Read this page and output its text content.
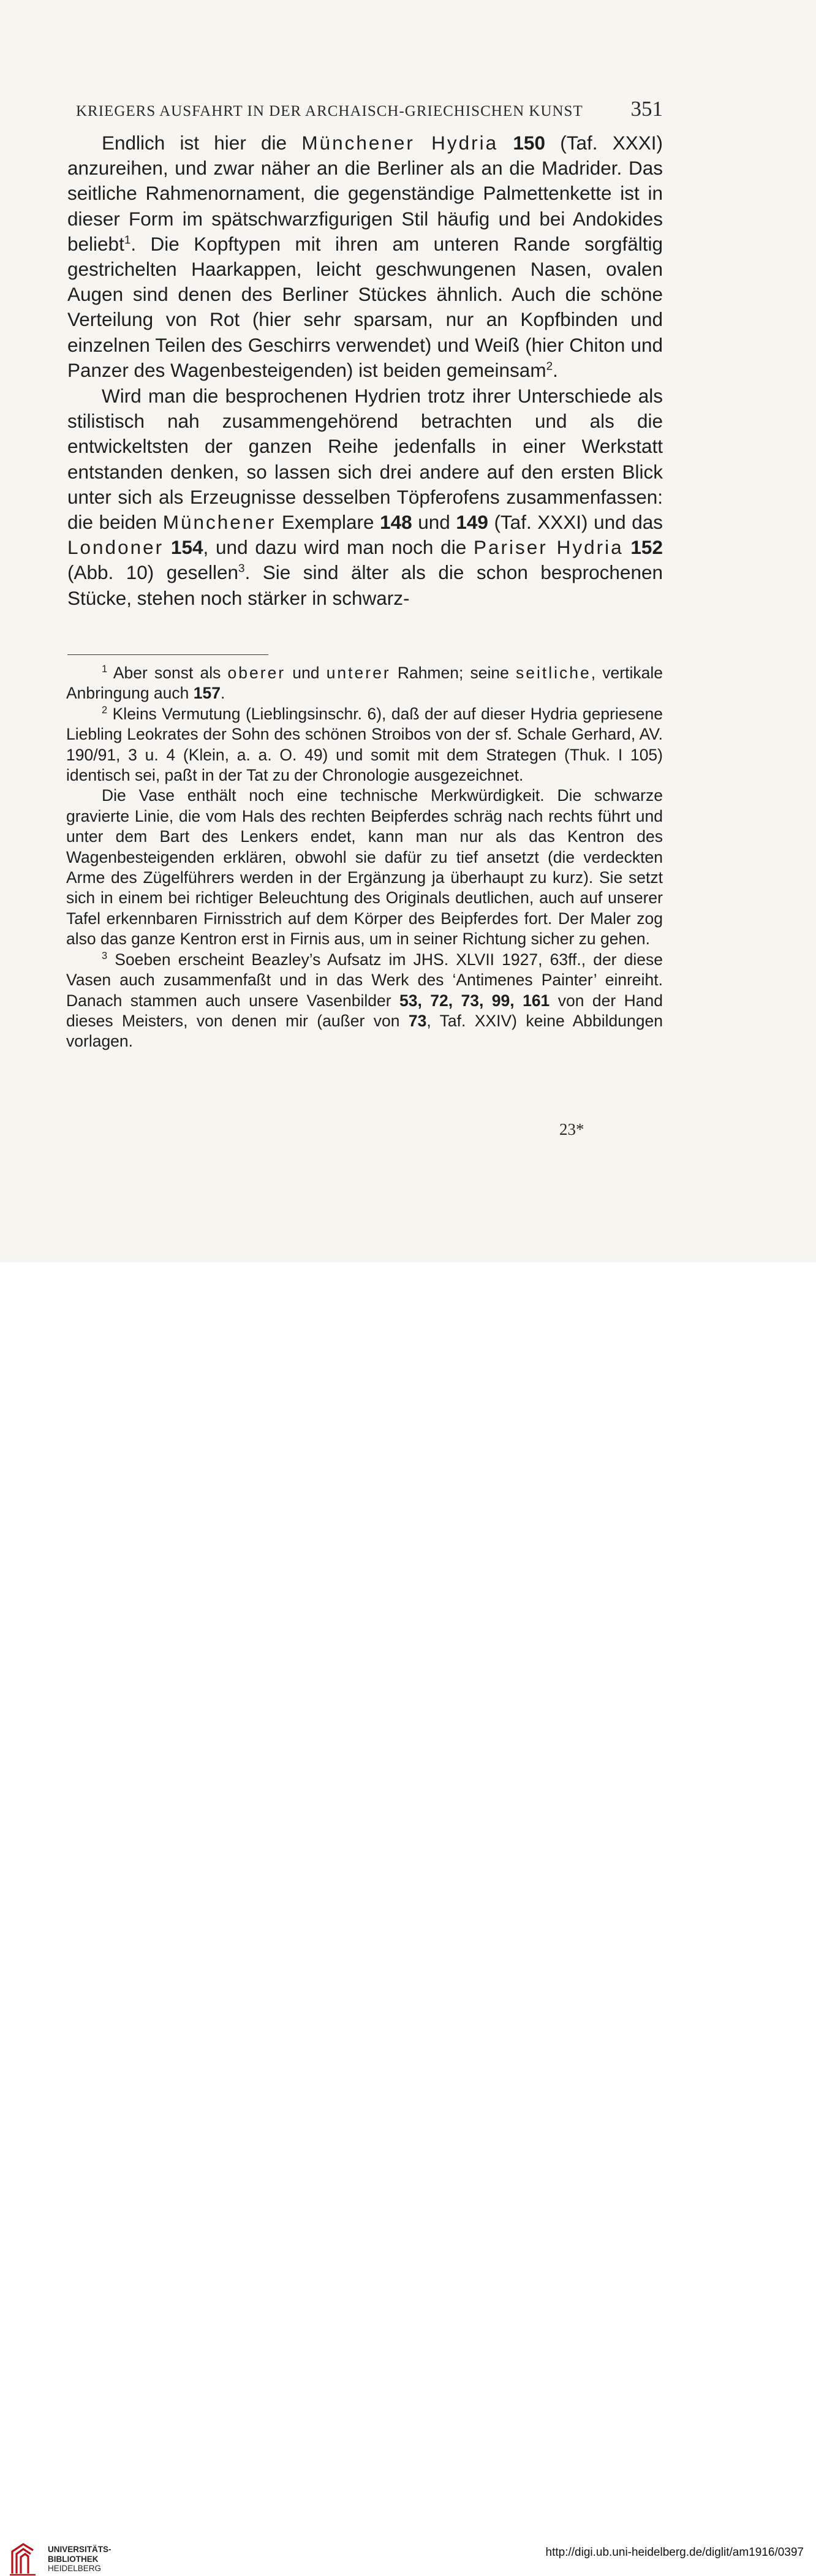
KRIEGERS AUSFAHRT IN DER ARCHAISCH-GRIECHISCHEN KUNST 351

Endlich ist hier die Münchener Hydria 150 (Taf. XXXI) anzureihen, und zwar näher an die Berliner als an die Madrider. Das seitliche Rahmenornament, die gegenständige Palmettenkette ist in dieser Form im spätschwarzfigurigen Stil häufig und bei Andokides beliebt$^1$. Die Kopftypen mit ihren am unteren Rande sorgfältig gestrichelten Haarkappen, leicht geschwungenen Nasen, ovalen Augen sind denen des Berliner Stückes ähnlich. Auch die schöne Verteilung von Rot (hier sehr sparsam, nur an Kopfbinden und einzelnen Teilen des Geschirrs verwendet) und Weiß (hier Chiton und Panzer des Wagenbesteigenden) ist beiden gemeinsam$^2$.

Wird man die besprochenen Hydrien trotz ihrer Unterschiede als stilistisch nah zusammengehörend betrachten und als die entwickeltsten der ganzen Reihe jedenfalls in einer Werkstatt entstanden denken, so lassen sich drei andere auf den ersten Blick unter sich als Erzeugnisse desselben Töpferofens zusammenfassen: die beiden Münchener Exemplare 148 und 149 (Taf. XXXI) und das Londoner 154, und dazu wird man noch die Pariser Hydria 152 (Abb. 10) gesellen$^3$. Sie sind älter als die schon besprochenen Stücke, stehen noch stärker in schwarz-

$^1$ Aber sonst als oberer und unterer Rahmen; seine seitliche, vertikale Anbringung auch 157.

$^2$ Kleins Vermutung (Lieblingsinschr. 6), daß der auf dieser Hydria gepriesene Liebling Leokrates der Sohn des schönen Stroibos von der sf. Schale Gerhard, AV. 190/91, 3 u. 4 (Klein, a. a. O. 49) und somit mit dem Strategen (Thuk. I 105) identisch sei, paßt in der Tat zu der Chronologie ausgezeichnet.

Die Vase enthält noch eine technische Merkwürdigkeit. Die schwarze gravierte Linie, die vom Hals des rechten Beipferdes schräg nach rechts führt und unter dem Bart des Lenkers endet, kann man nur als das Kentron des Wagenbesteigenden erklären, obwohl sie dafür zu tief ansetzt (die verdeckten Arme des Zügelführers werden in der Ergänzung ja überhaupt zu kurz). Sie setzt sich in einem bei richtiger Beleuchtung des Originals deutlichen, auch auf unserer Tafel erkennbaren Firnisstrich auf dem Körper des Beipferdes fort. Der Maler zog also das ganze Kentron erst in Firnis aus, um in seiner Richtung sicher zu gehen.

$^3$ Soeben erscheint Beazley’s Aufsatz im JHS. XLVII 1927, 63ff., der diese Vasen auch zusammenfaßt und in das Werk des ‘Antimenes Painter’ einreiht. Danach stammen auch unsere Vasenbilder 53, 72, 73, 99, 161 von der Hand dieses Meisters, von denen mir (außer von 73, Taf. XXIV) keine Abbildungen vorlagen.

23*
UNIVERSITÄTS-
BIBLIOTHEK
HEIDELBERG
http://digi.ub.uni-heidelberg.de/diglit/am1916/0397
